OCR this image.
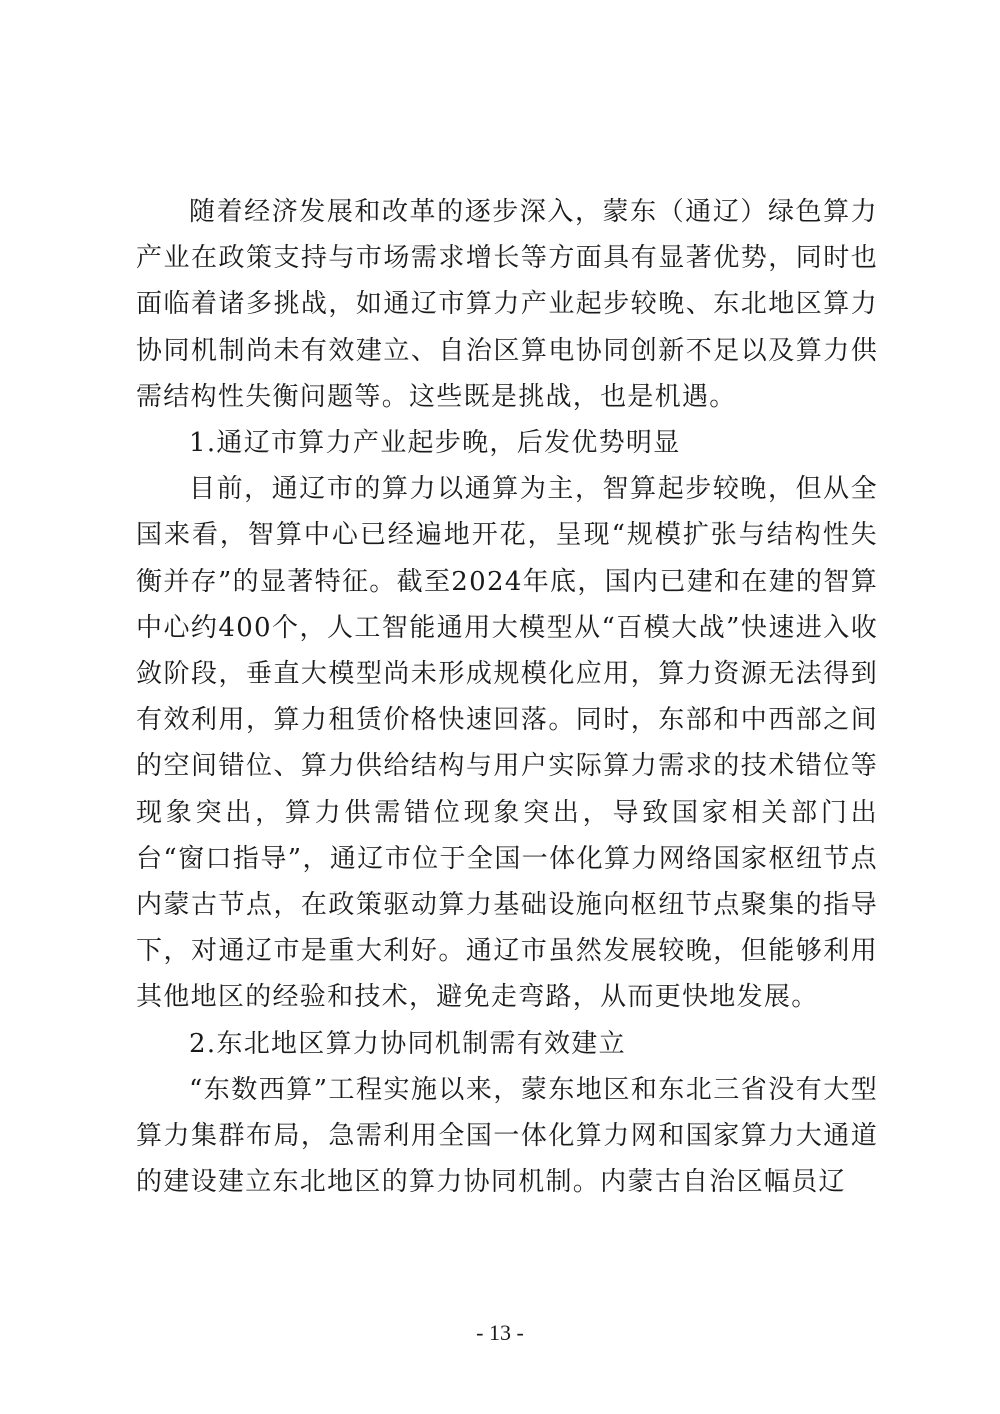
随着经济发展和改革的逐步深入，蒙东（通辽）绿色算力产业在政策支持与市场需求增长等方面具有显著优势，同时也面临着诸多挑战，如通辽市算力产业起步较晚、东北地区算力协同机制尚未有效建立、自治区算电协同创新不足以及算力供需结构性失衡问题等。这些既是挑战，也是机遇。

1.通辽市算力产业起步晚，后发优势明显

目前，通辽市的算力以通算为主，智算起步较晚，但从全国来看，智算中心已经遍地开花，呈现“规模扩张与结构性失衡并存”的显著特征。截至2024年底，国内已建和在建的智算中心约400个，人工智能通用大模型从“百模大战”快速进入收敛阶段，垂直大模型尚未形成规模化应用，算力资源无法得到有效利用，算力租赁价格快速回落。同时，东部和中西部之间的空间错位、算力供给结构与用户实际算力需求的技术错位等现象突出，算力供需错位现象突出，导致国家相关部门出台“窗口指导”，通辽市位于全国一体化算力网络国家枢纽节点内蒙古节点，在政策驱动算力基础设施向枢纽节点聚集的指导下，对通辽市是重大利好。通辽市虽然发展较晚，但能够利用其他地区的经验和技术，避免走弯路，从而更快地发展。

2.东北地区算力协同机制需有效建立

“东数西算”工程实施以来，蒙东地区和东北三省没有大型算力集群布局，急需利用全国一体化算力网和国家算力大通道的建设建立东北地区的算力协同机制。内蒙古自治区幅员辽

- 13 -
